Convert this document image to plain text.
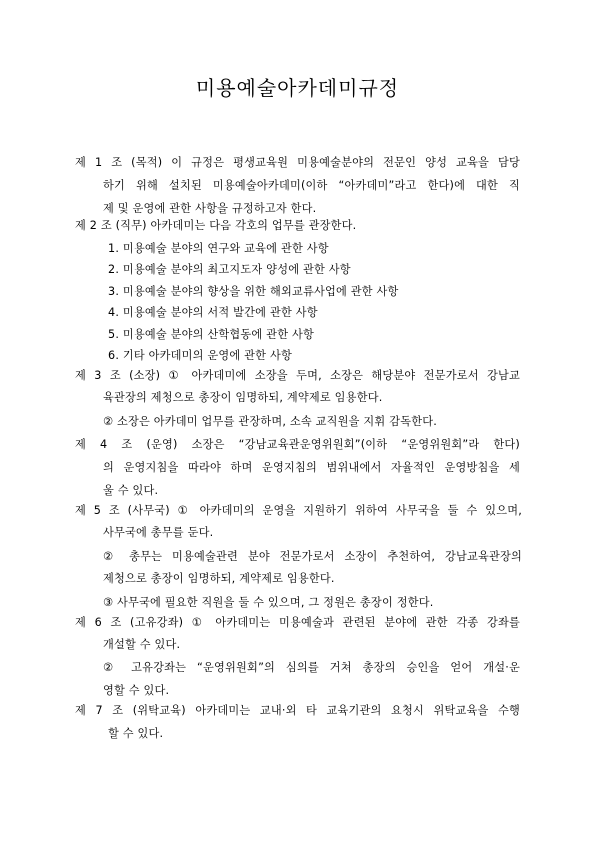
미용예술아카데미규정
제 1 조 (목적) 이 규정은 평생교육원 미용예술분야의 전문인 양성 교육을 담당
하기 위해 설치된 미용예술아카데미(이하 “아카데미”라고 한다)에 대한 직
제 및 운영에 관한 사항을 규정하고자 한다.
제 2 조 (직무) 아카데미는 다음 각호의 업무를 관장한다.
1. 미용예술 분야의 연구와 교육에 관한 사항
2. 미용예술 분야의 최고지도자 양성에 관한 사항
3. 미용예술 분야의 향상을 위한 해외교류사업에 관한 사항
4. 미용예술 분야의 서적 발간에 관한 사항
5. 미용예술 분야의 산학협동에 관한 사항
6. 기타 아카데미의 운영에 관한 사항
제 3 조 (소장) ① 아카데미에 소장을 두며, 소장은 해당분야 전문가로서 강남교
육관장의 제청으로 총장이 임명하되, 계약제로 임용한다.
② 소장은 아카데미 업무를 관장하며, 소속 교직원을 지휘 감독한다.
제 4 조 (운영) 소장은 “강남교육관운영위원회”(이하 “운영위원회”라 한다)
의 운영지침을 따라야 하며 운영지침의 범위내에서 자율적인 운영방침을 세
울 수 있다.
제 5 조 (사무국) ① 아카데미의 운영을 지원하기 위하여 사무국을 둘 수 있으며,
사무국에 총무를 둔다.
② 총무는 미용예술관련 분야 전문가로서 소장이 추천하여, 강남교육관장의
제청으로 총장이 임명하되, 계약제로 임용한다.
③ 사무국에 필요한 직원을 둘 수 있으며, 그 정원은 총장이 정한다.
제 6 조 (고유강좌) ① 아카데미는 미용예술과 관련된 분야에 관한 각종 강좌를
개설할 수 있다.
② 고유강좌는 “운영위원회”의 심의를 거쳐 총장의 승인을 얻어 개설·운
영할 수 있다.
제 7 조 (위탁교육) 아카데미는 교내·외 타 교육기관의 요청시 위탁교육을 수행
할 수 있다.
